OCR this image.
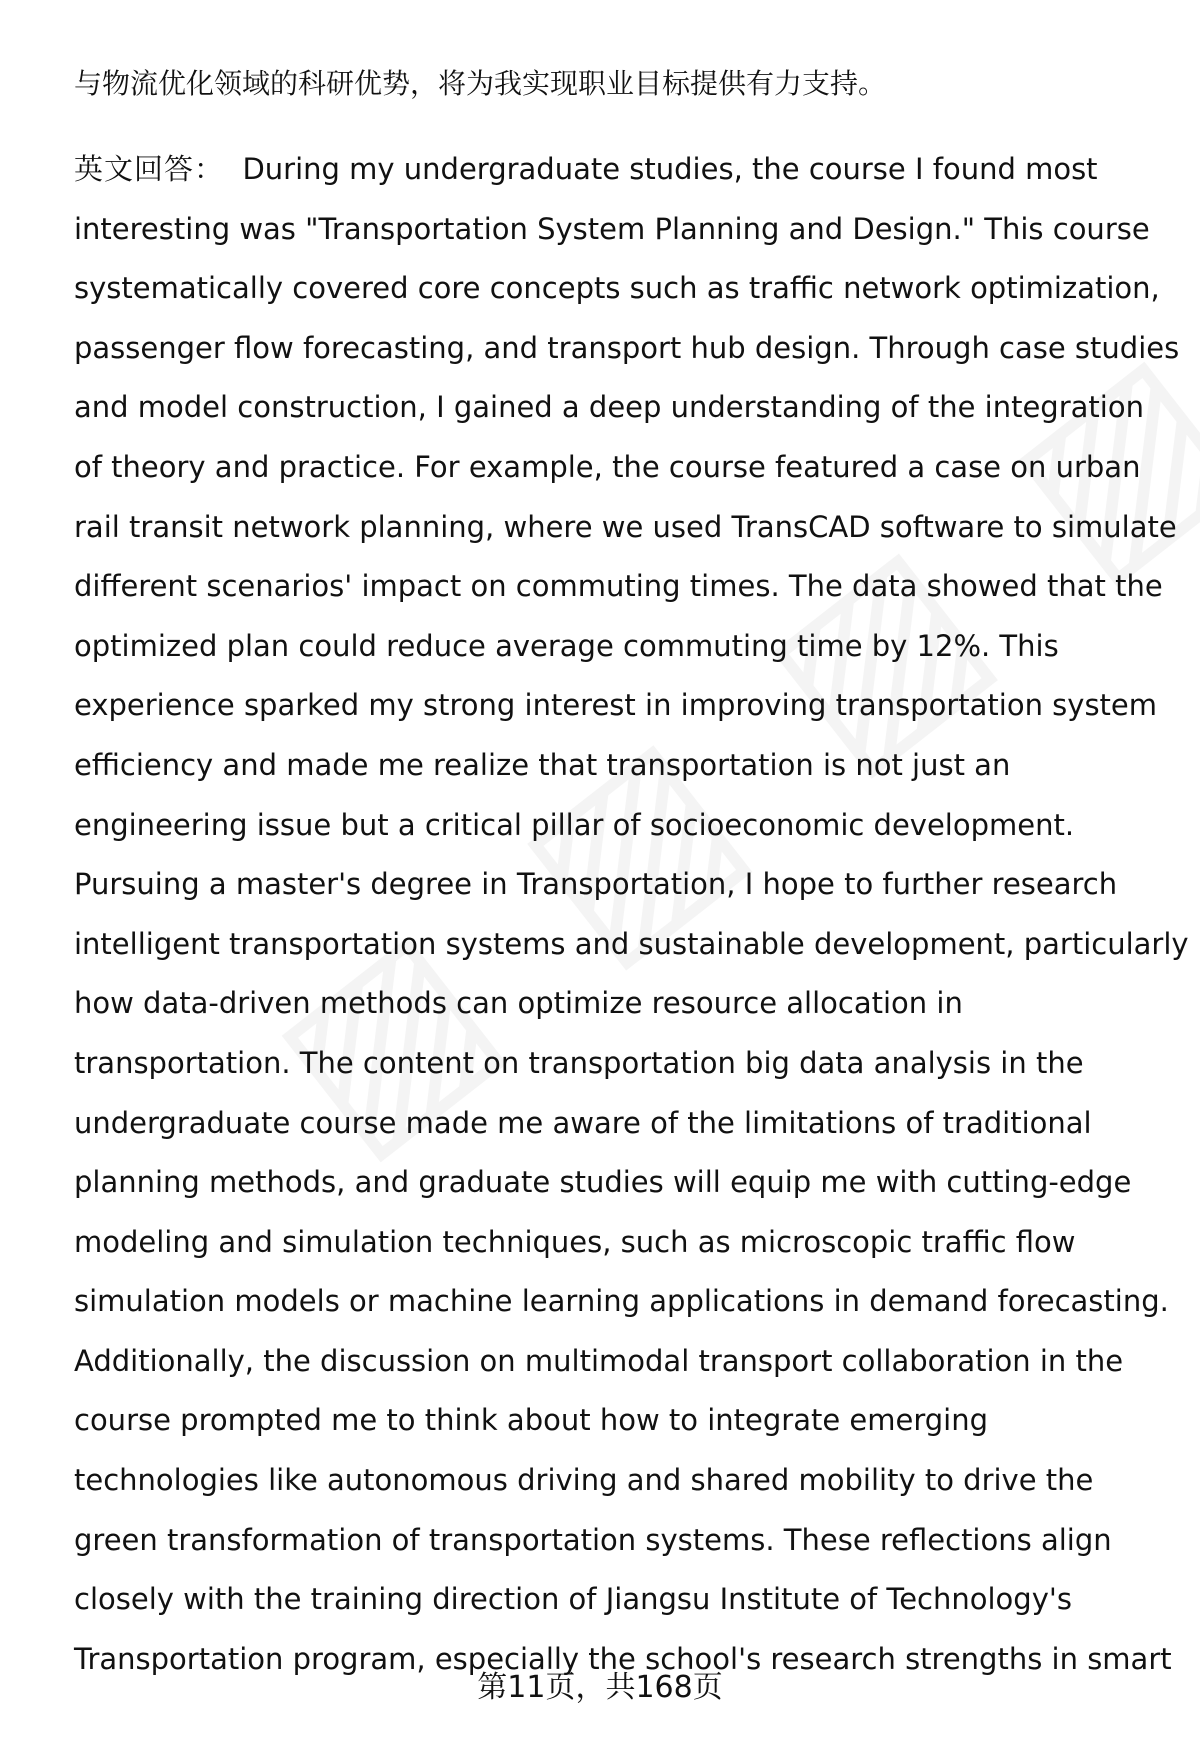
与物流优化领域的科研优势，将为我实现职业目标提供有力支持。
英文回答： During my undergraduate studies, the course I found most
interesting was "Transportation System Planning and Design." This course
systematically covered core concepts such as traffic network optimization,
passenger flow forecasting, and transport hub design. Through case studies
and model construction, I gained a deep understanding of the integration
of theory and practice. For example, the course featured a case on urban
rail transit network planning, where we used TransCAD software to simulate
different scenarios' impact on commuting times. The data showed that the
optimized plan could reduce average commuting time by 12%. This
experience sparked my strong interest in improving transportation system
efficiency and made me realize that transportation is not just an
engineering issue but a critical pillar of socioeconomic development.
Pursuing a master's degree in Transportation, I hope to further research
intelligent transportation systems and sustainable development, particularly
how data-driven methods can optimize resource allocation in
transportation. The content on transportation big data analysis in the
undergraduate course made me aware of the limitations of traditional
planning methods, and graduate studies will equip me with cutting-edge
modeling and simulation techniques, such as microscopic traffic flow
simulation models or machine learning applications in demand forecasting.
Additionally, the discussion on multimodal transport collaboration in the
course prompted me to think about how to integrate emerging
technologies like autonomous driving and shared mobility to drive the
green transformation of transportation systems. These reflections align
closely with the training direction of Jiangsu Institute of Technology's
Transportation program, especially the school's research strengths in smart
第11页，共168页
